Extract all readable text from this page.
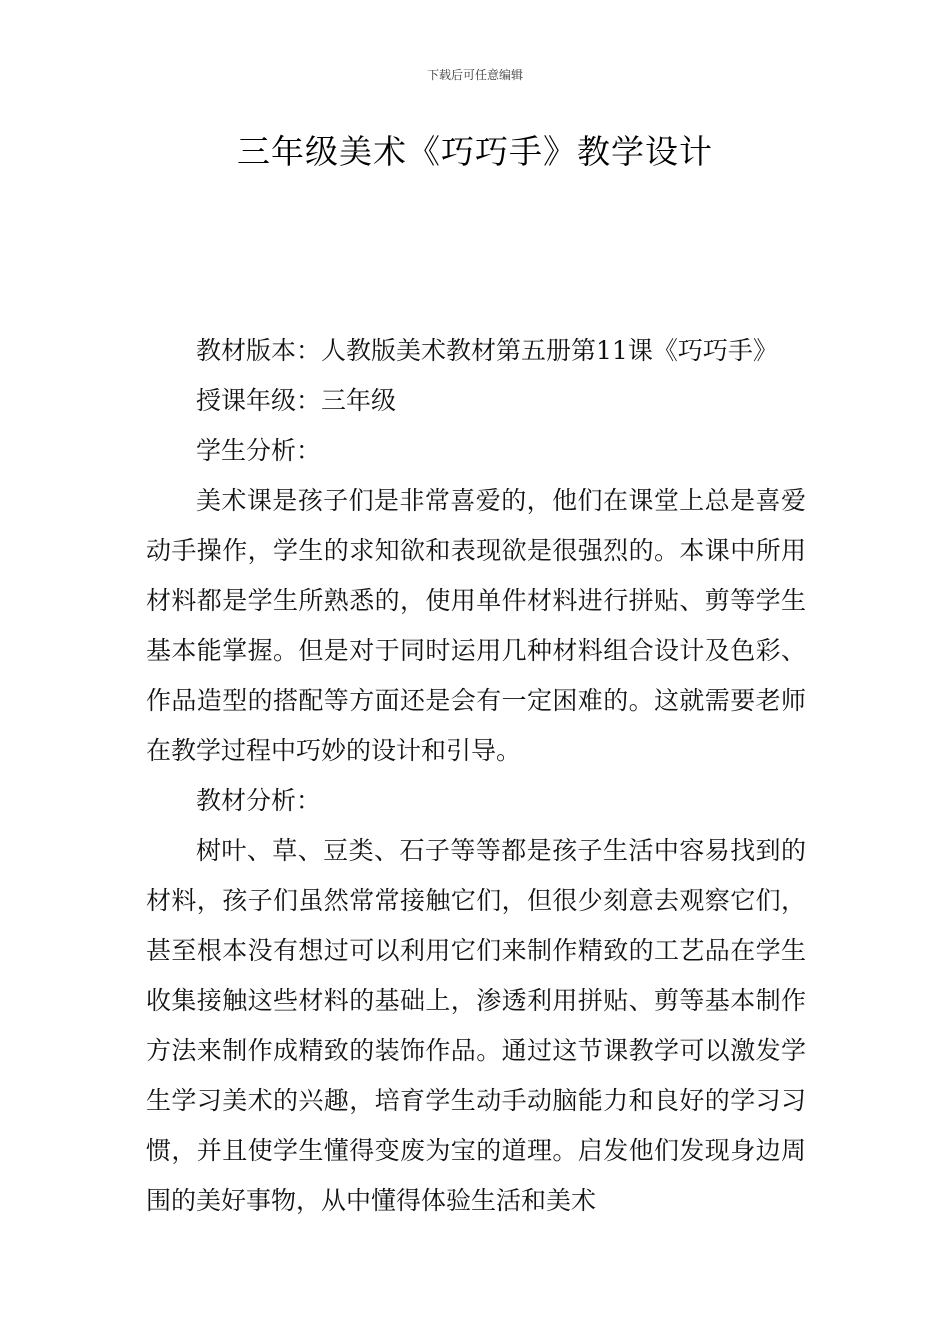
下载后可任意编辑
三年级美术《巧巧手》教学设计

教材版本：人教版美术教材第五册第11课《巧巧手》

授课年级：三年级

学生分析：

美术课是孩子们是非常喜爱的，他们在课堂上总是喜爱动手操作，学生的求知欲和表现欲是很强烈的。本课中所用材料都是学生所熟悉的，使用单件材料进行拼贴、剪等学生基本能掌握。但是对于同时运用几种材料组合设计及色彩、作品造型的搭配等方面还是会有一定困难的。这就需要老师在教学过程中巧妙的设计和引导。

教材分析：

树叶、草、豆类、石子等等都是孩子生活中容易找到的材料，孩子们虽然常常接触它们，但很少刻意去观察它们，甚至根本没有想过可以利用它们来制作精致的工艺品在学生收集接触这些材料的基础上，渗透利用拼贴、剪等基本制作方法来制作成精致的装饰作品。通过这节课教学可以激发学生学习美术的兴趣，培育学生动手动脑能力和良好的学习习惯，并且使学生懂得变废为宝的道理。启发他们发现身边周围的美好事物，从中懂得体验生活和美术
